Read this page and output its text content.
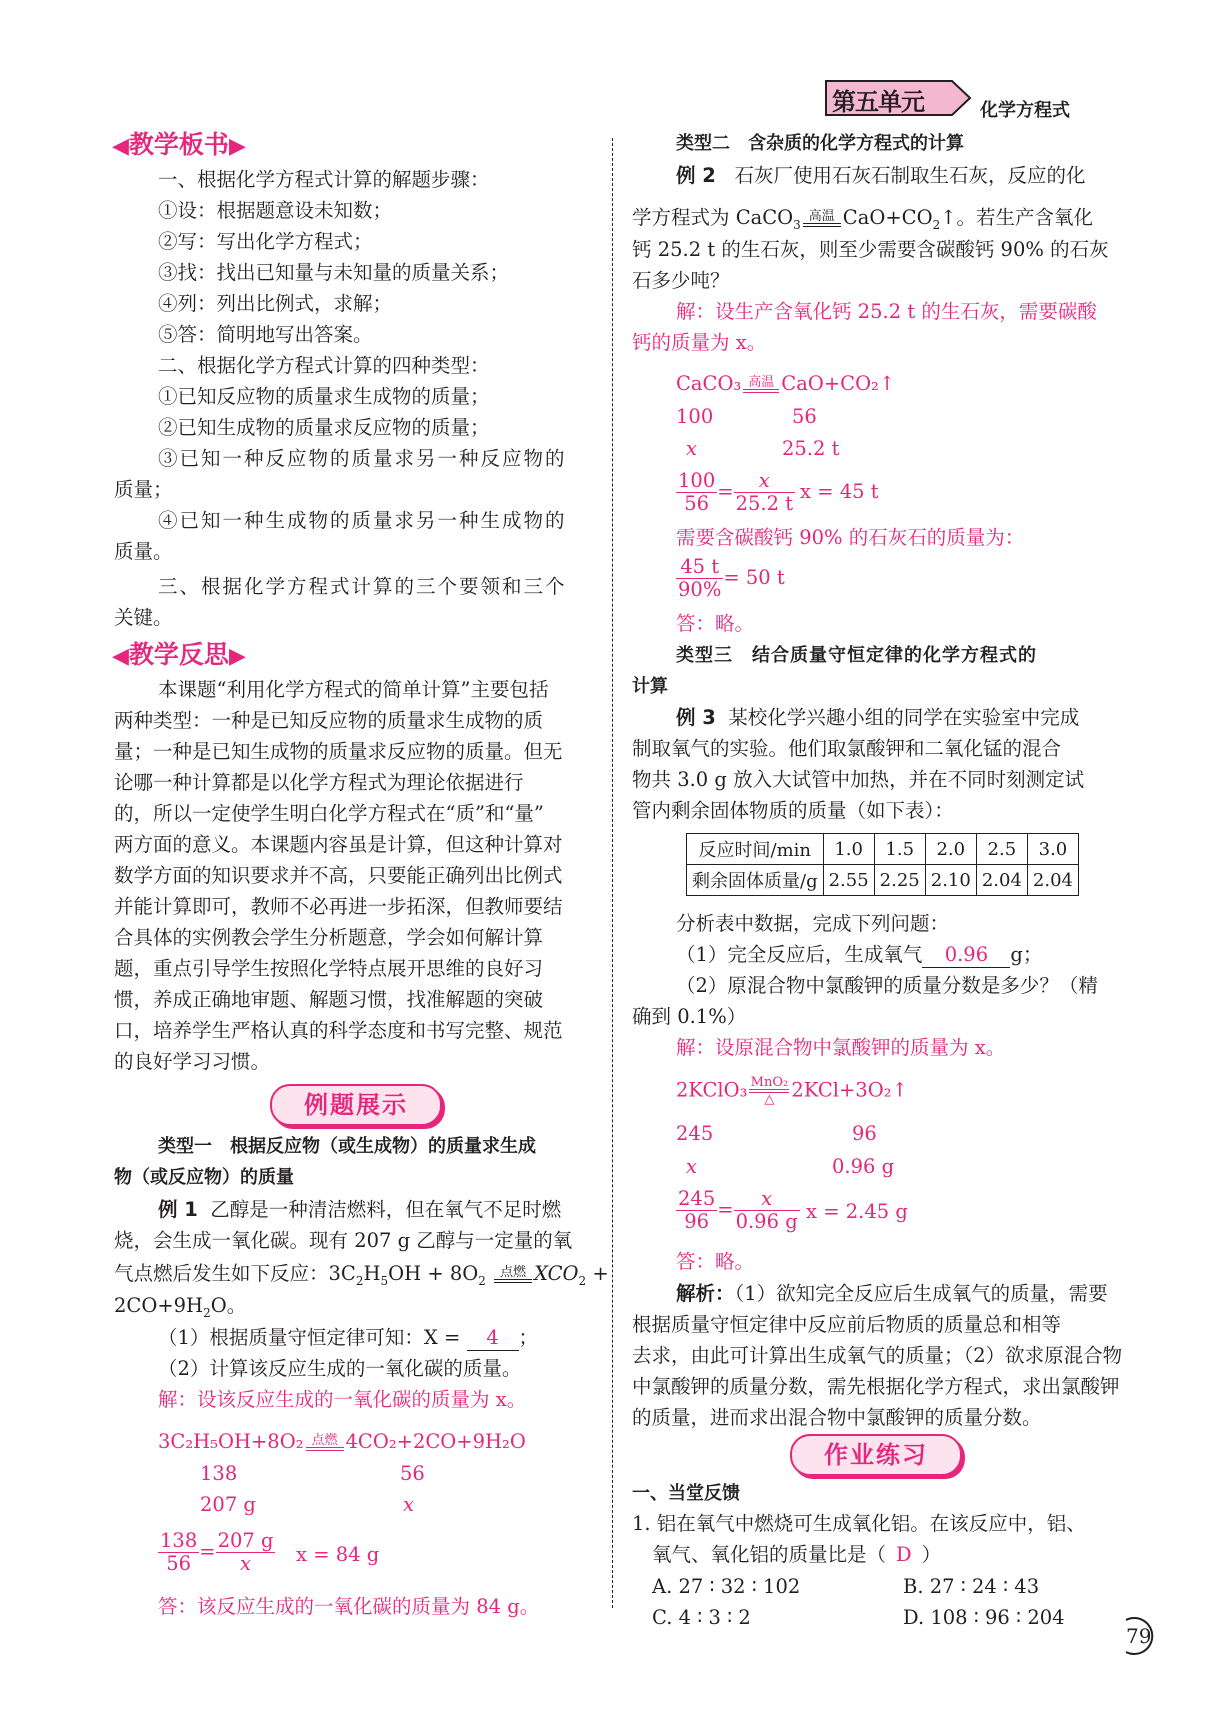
第五单元	化学方程式
◀教学板书▶
一、根据化学方程式计算的解题步骤：
①设：根据题意设未知数；
②写：写出化学方程式；
③找：找出已知量与未知量的质量关系；
④列：列出比例式，求解；
⑤答：简明地写出答案。
二、根据化学方程式计算的四种类型：
①已知反应物的质量求生成物的质量；
②已知生成物的质量求反应物的质量；
③已知一种反应物的质量求另一种反应物的
质量；
④已知一种生成物的质量求另一种生成物的
质量。
三、根据化学方程式计算的三个要领和三个
关键。
◀教学反思▶
本课题“利用化学方程式的简单计算”主要包括
两种类型：一种是已知反应物的质量求生成物的质
量；一种是已知生成物的质量求反应物的质量。但无
论哪一种计算都是以化学方程式为理论依据进行
的，所以一定使学生明白化学方程式在“质”和“量”
两方面的意义。本课题内容虽是计算，但这种计算对
数学方面的知识要求并不高，只要能正确列出比例式
并能计算即可，教师不必再进一步拓深，但教师要结
合具体的实例教会学生分析题意，学会如何解计算
题，重点引导学生按照化学特点展开思维的良好习
惯，养成正确地审题、解题习惯，找准解题的突破
口，培养学生严格认真的科学态度和书写完整、规范
的良好学习习惯。
例题展示
类型一　根据反应物（或生成物）的质量求生成
物（或反应物）的质量
例 1 乙醇是一种清洁燃料，但在氧气不足时燃
烧，会生成一氧化碳。现有 207 g 乙醇与一定量的氧
气点燃后发生如下反应：$3C_2H_5OH + 8O_2$
点燃 $XCO_2$ +
$2CO+9H_2O$。
（1）根据质量守恒定律可知：X = 4 ；
（2）计算该反应生成的一氧化碳的质量。
解：设该反应生成的一氧化碳的质量为 x。
3C₂H₅OH+8O₂ 点燃 4CO₂+2CO+9H₂O
138	56
207 g	x
$\frac{138}{56} = \frac{207 g}{x}$ x = 84 g
答：该反应生成的一氧化碳的质量为 84 g。
类型二　含杂质的化学方程式的计算
例 2 石灰厂使用石灰石制取生石灰，反应的化
学方程式为 CaCO$_3$
高温 $CaO+CO_2↑$。若生产含氧化
钙 25.2 t 的生石灰，则至少需要含碳酸钙 90% 的石灰
石多少吨？
解：设生产含氧化钙 25.2 t 的生石灰，需要碳酸
钙的质量为 x。
CaCO₃ 高温 CaO+CO₂↑
100	56
x	25.2 t
$\frac{100}{56} = \frac{x}{25.2 t}$ x = 45 t
需要含碳酸钙 90% 的石灰石的质量为：
$\frac{45 t}{90\%} = 50$ t
答：略。
类型三　结合质量守恒定律的化学方程式的
计算
例 3 某校化学兴趣小组的同学在实验室中完成
制取氧气的实验。他们取氯酸钾和二氧化锰的混合
物共 3.0 g 放入大试管中加热，并在不同时刻测定试
管内剩余固体物质的质量（如下表）：
反应时间/min	1.0	1.5	2.0	2.5	3.0
剩余固体质量/g	2.55	2.25	2.10	2.04	2.04
分析表中数据，完成下列问题：
（1）完全反应后，生成氧气 0.96 g；
（2）原混合物中氯酸钾的质量分数是多少？（精
确到 0.1%）
解：设原混合物中氯酸钾的质量为 x。
2KClO₃ MnO₂
△ 2KCl+3O₂↑
245	96
x	0.96 g
$\frac{245}{96} = \frac{x}{0.96 g}$ x = 2.45 g
答：略。
解析：（1）欲知完全反应后生成氧气的质量，需要
根据质量守恒定律中反应前后物质的质量总和相等
去求，由此可计算出生成氧气的质量；（2）欲求原混合物
中氯酸钾的质量分数，需先根据化学方程式，求出氯酸钾
的质量，进而求出混合物中氯酸钾的质量分数。
作业练习
一、当堂反馈
1. 铝在氧气中燃烧可生成氧化铝。在该反应中，铝、
氧气、氧化铝的质量比是（ D ）
A. 27 ∶ 32 ∶ 102	B. 27 ∶ 24 ∶ 43
C. 4 ∶ 3 ∶ 2	D. 108 ∶ 96 ∶ 204
79
